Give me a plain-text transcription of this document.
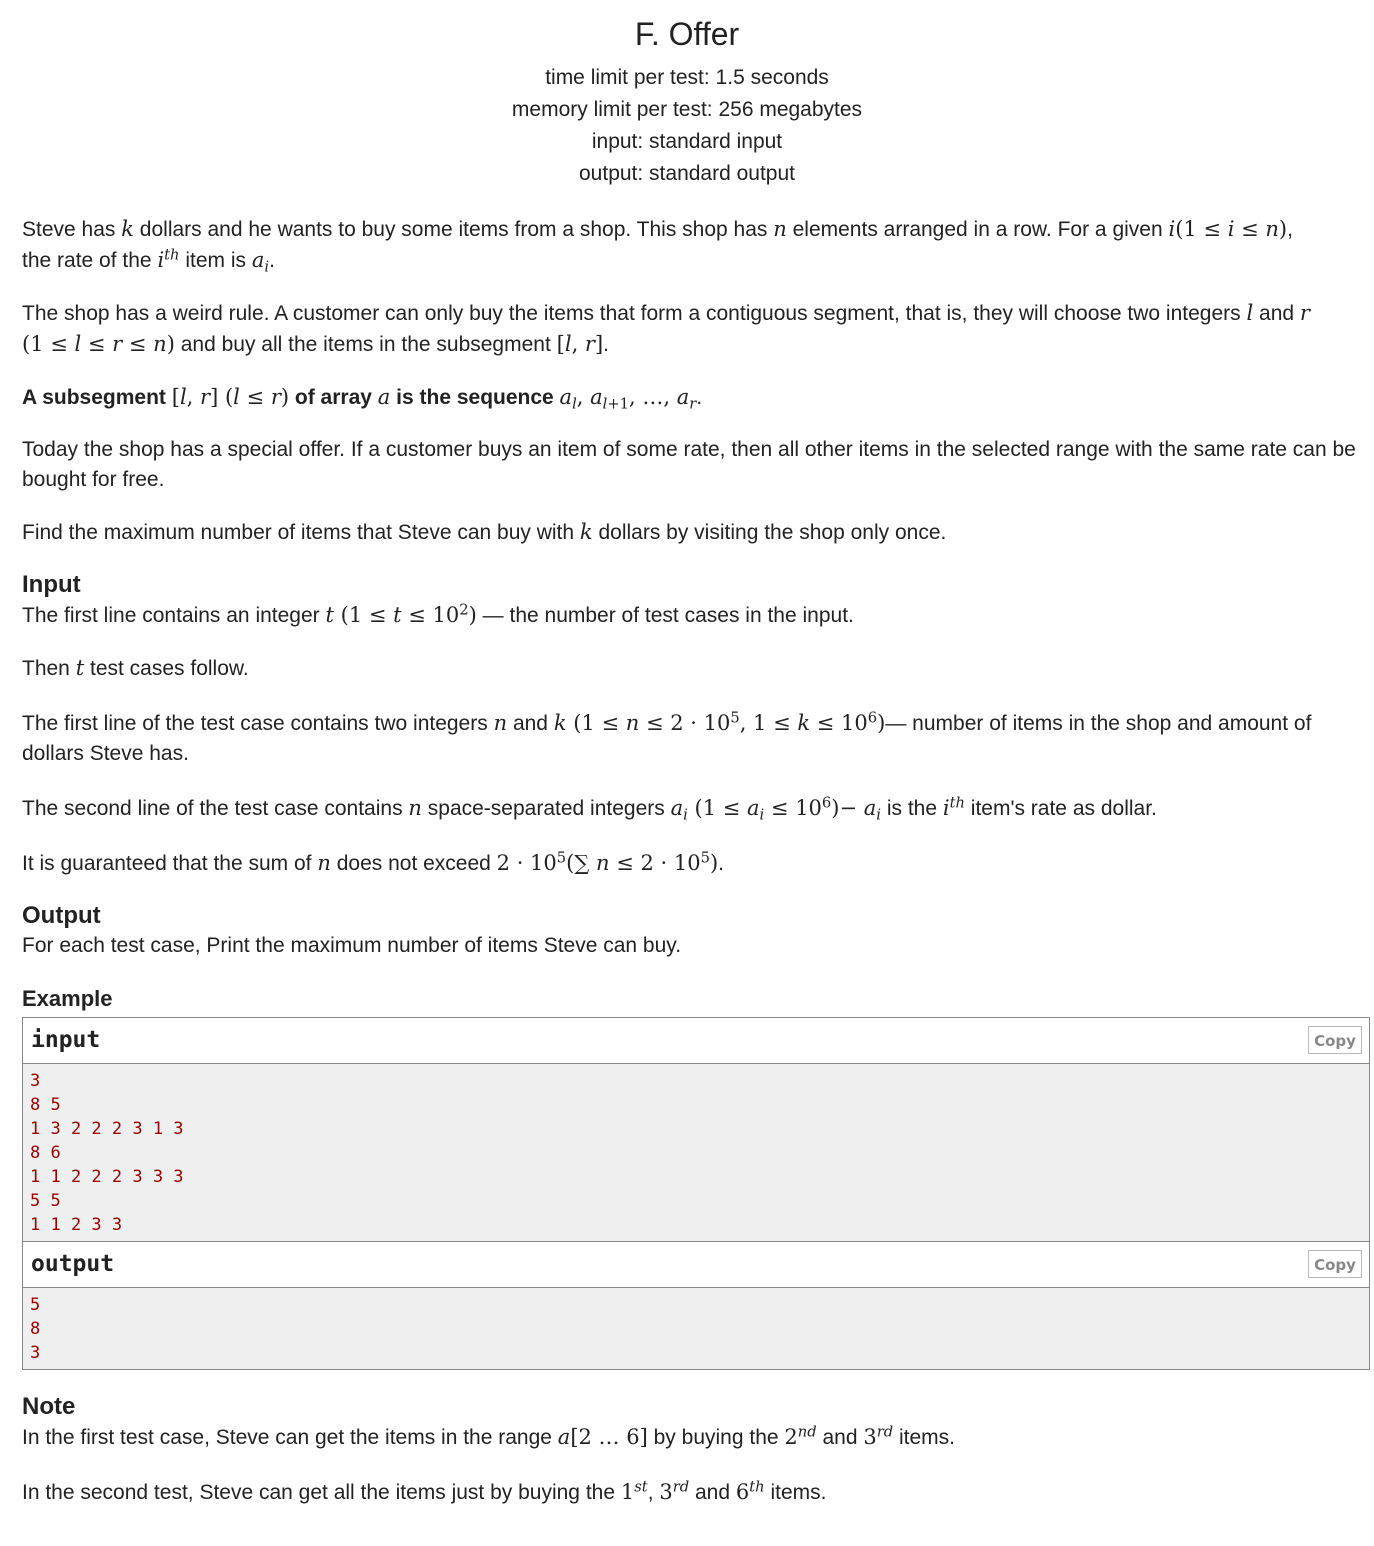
F. Offer
time limit per test: 1.5 seconds
memory limit per test: 256 megabytes
input: standard input
output: standard output

Steve has k dollars and he wants to buy some items from a shop. This shop has n elements arranged in a row. For a given i(1 ≤ i ≤ n),
the rate of the $i^{th}$ item is $a_i$.

The shop has a weird rule. A customer can only buy the items that form a contiguous segment, that is, they will choose two integers l and r
(1 ≤ l ≤ r ≤ n) and buy all the items in the subsegment [l, r].

A subsegment [l, r] (l ≤ r) of array a is the sequence $a_l$, $a_{l+1}$, …, $a_r$.

Today the shop has a special offer. If a customer buys an item of some rate, then all other items in the selected range with the same rate can be bought for free.

Find the maximum number of items that Steve can buy with k dollars by visiting the shop only once.

Input

The first line contains an integer t $(1 \le t \le 10^2)$ — the number of test cases in the input.

Then t test cases follow.

The first line of the test case contains two integers n and k ($1 \le n \le 2 \cdot 10^5$, $1 \le k \le 10^6)—$ number of items in the shop and amount of dollars Steve has.

The second line of the test case contains n space-separated integers $a_i$ $(1 \le a_i \le 10^6)- a_i$ is the $i^{th}$ item's rate as dollar.

It is guaranteed that the sum of n does not exceed $2 \cdot 10^5(\sum$ $n \le 2 \cdot 10^5$).

Output

For each test case, Print the maximum number of items Steve can buy.

Example
input	Copy
3
8 5
1 3 2 2 2 3 1 3
8 6
1 1 2 2 2 3 3 3
5 5
1 1 2 3 3
output	Copy
5
8
3
Note

In the first test case, Steve can get the items in the range a[2 … 6] by buying the 2nd and 3rd items.

In the second test, Steve can get all the items just by buying the 1st, 3rd and 6th items.
